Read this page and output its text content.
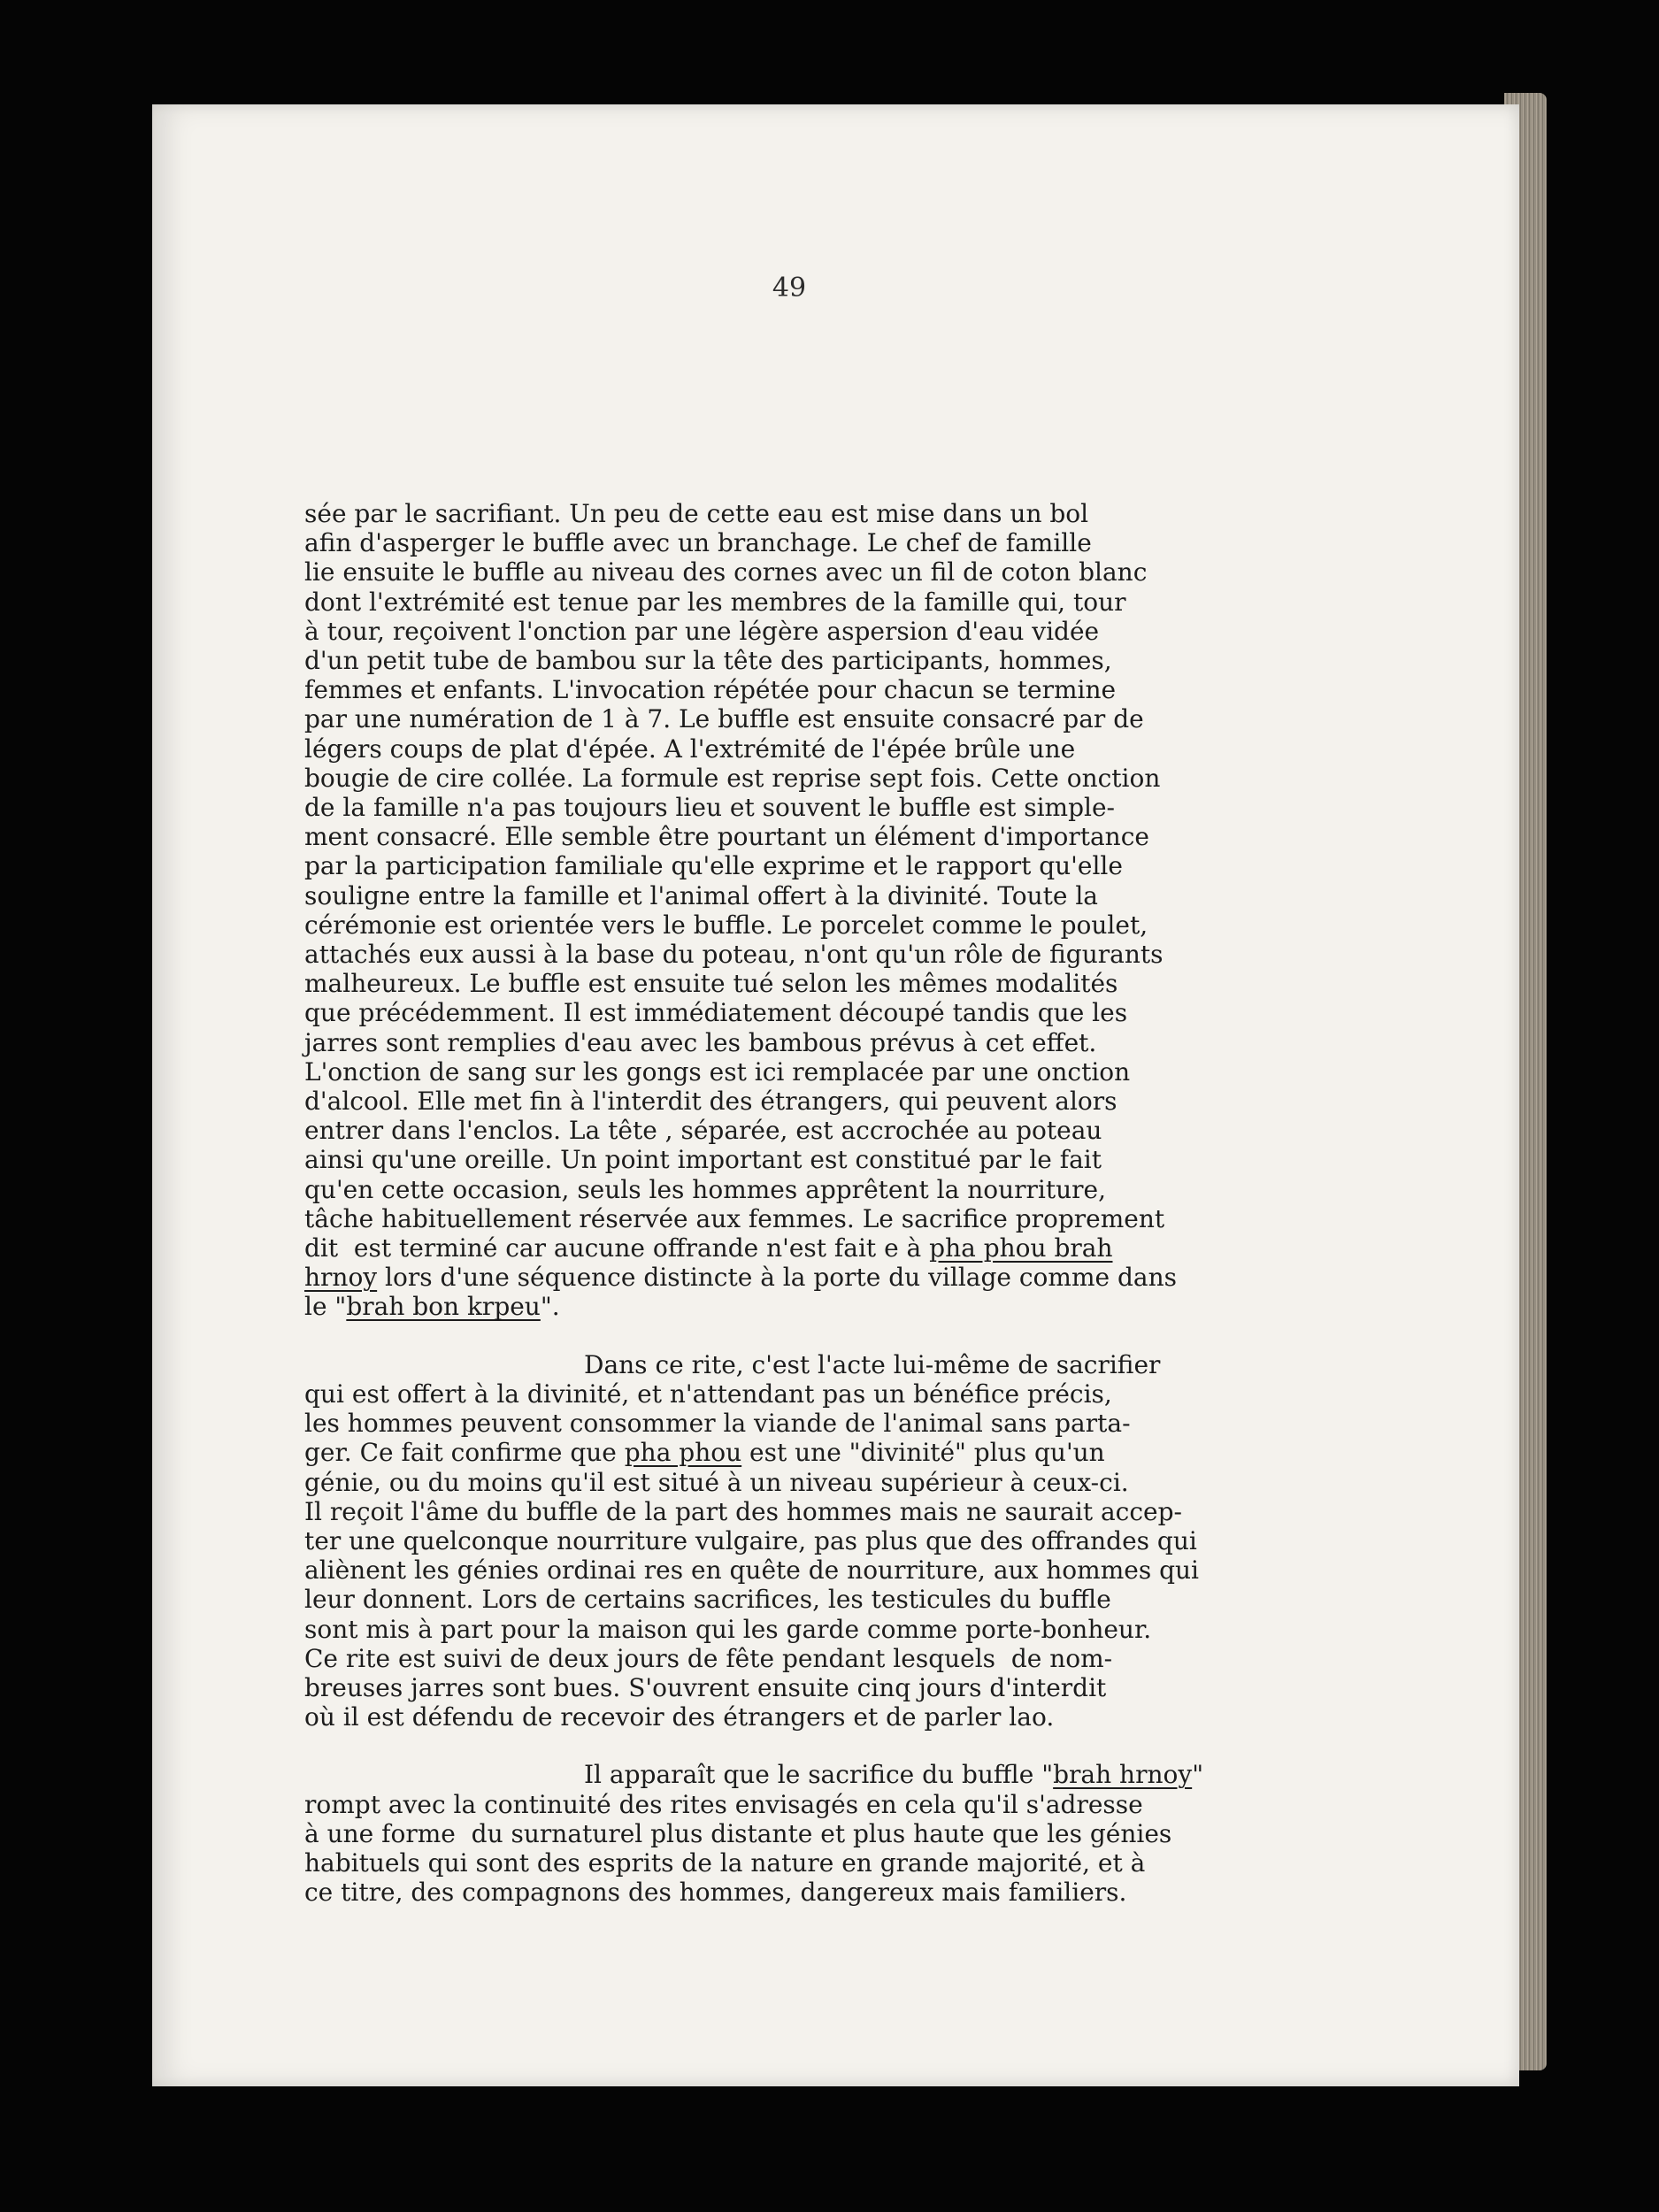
49
sée par le sacrifiant. Un peu de cette eau est mise dans un bol
afin d'asperger le buffle avec un branchage. Le chef de famille
lie ensuite le buffle au niveau des cornes avec un fil de coton blanc
dont l'extrémité est tenue par les membres de la famille qui, tour
à tour, reçoivent l'onction par une légère aspersion d'eau vidée
d'un petit tube de bambou sur la tête des participants, hommes,
femmes et enfants. L'invocation répétée pour chacun se termine
par une numération de 1 à 7. Le buffle est ensuite consacré par de
légers coups de plat d'épée. A l'extrémité de l'épée brûle une
bougie de cire collée. La formule est reprise sept fois. Cette onction
de la famille n'a pas toujours lieu et souvent le buffle est simple-
ment consacré. Elle semble être pourtant un élément d'importance
par la participation familiale qu'elle exprime et le rapport qu'elle
souligne entre la famille et l'animal offert à la divinité. Toute la
cérémonie est orientée vers le buffle. Le porcelet comme le poulet,
attachés eux aussi à la base du poteau, n'ont qu'un rôle de figurants
malheureux. Le buffle est ensuite tué selon les mêmes modalités
que précédemment. Il est immédiatement découpé tandis que les
jarres sont remplies d'eau avec les bambous prévus à cet effet.
L'onction de sang sur les gongs est ici remplacée par une onction
d'alcool. Elle met fin à l'interdit des étrangers, qui peuvent alors
entrer dans l'enclos. La tête , séparée, est accrochée au poteau
ainsi qu'une oreille. Un point important est constitué par le fait
qu'en cette occasion, seuls les hommes apprêtent la nourriture,
tâche habituellement réservée aux femmes. Le sacrifice proprement
dit  est terminé car aucune offrande n'est fait e à pha phou brah
hrnoy lors d'une séquence distincte à la porte du village comme dans
le "brah bon krpeu".
Dans ce rite, c'est l'acte lui-même de sacrifier
qui est offert à la divinité, et n'attendant pas un bénéfice précis,
les hommes peuvent consommer la viande de l'animal sans parta-
ger. Ce fait confirme que pha phou est une "divinité" plus qu'un
génie, ou du moins qu'il est situé à un niveau supérieur à ceux-ci.
Il reçoit l'âme du buffle de la part des hommes mais ne saurait accep-
ter une quelconque nourriture vulgaire, pas plus que des offrandes qui
aliènent les génies ordinai res en quête de nourriture, aux hommes qui
leur donnent. Lors de certains sacrifices, les testicules du buffle
sont mis à part pour la maison qui les garde comme porte-bonheur.
Ce rite est suivi de deux jours de fête pendant lesquels  de nom-
breuses jarres sont bues. S'ouvrent ensuite cinq jours d'interdit
où il est défendu de recevoir des étrangers et de parler lao.
Il apparaît que le sacrifice du buffle "brah hrnoy"
rompt avec la continuité des rites envisagés en cela qu'il s'adresse
à une forme  du surnaturel plus distante et plus haute que les génies
habituels qui sont des esprits de la nature en grande majorité, et à
ce titre, des compagnons des hommes, dangereux mais familiers.
